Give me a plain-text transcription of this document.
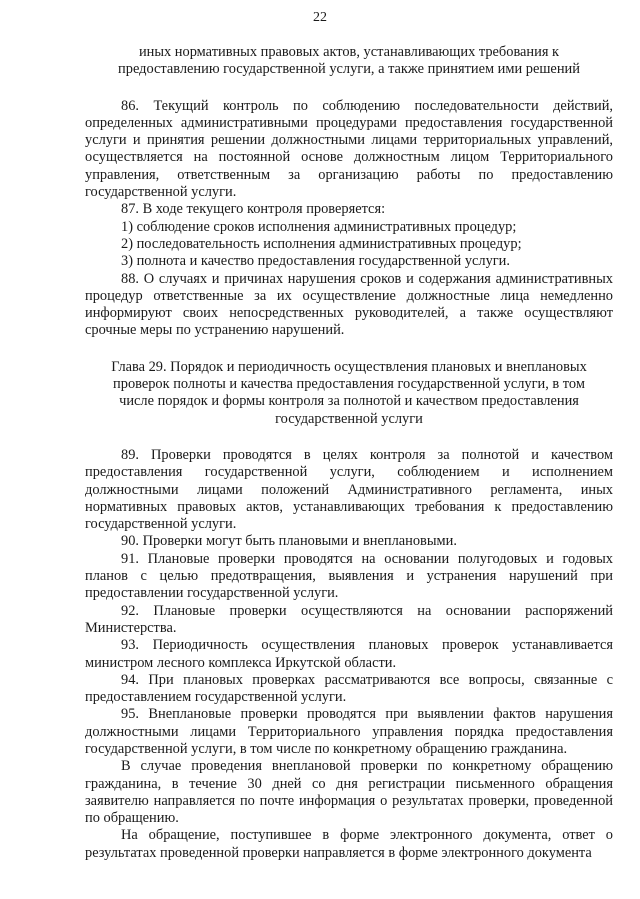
22
иных нормативных правовых актов, устанавливающих требования к
предоставлению государственной услуги, а также принятием ими решений

86. Текущий контроль по соблюдению последовательности действий, определенных административными процедурами предоставления государственной услуги и принятия решении должностными лицами территориальных управлений, осуществляется на постоянной основе должностным лицом Территориального управления, ответственным за организацию работы по предоставлению государственной услуги.

87. В ходе текущего контроля проверяется:

1) соблюдение сроков исполнения административных процедур;

2) последовательность исполнения административных процедур;

3) полнота и качество предоставления государственной услуги.

88. О случаях и причинах нарушения сроков и содержания административных процедур ответственные за их осуществление должностные лица немедленно информируют своих непосредственных руководителей, а также осуществляют срочные меры по устранению нарушений.

Глава 29. Порядок и периодичность осуществления плановых и внеплановых
проверок полноты и качества предоставления государственной услуги, в том
числе порядок и формы контроля за полнотой и качеством предоставления
государственной услуги

89. Проверки проводятся в целях контроля за полнотой и качеством предоставления государственной услуги, соблюдением и исполнением должностными лицами положений Административного регламента, иных нормативных правовых актов, устанавливающих требования к предоставлению государственной услуги.

90. Проверки могут быть плановыми и внеплановыми.

91. Плановые проверки проводятся на основании полугодовых и годовых планов с целью предотвращения, выявления и устранения нарушений при предоставлении государственной услуги.

92. Плановые проверки осуществляются на основании распоряжений Министерства.

93. Периодичность осуществления плановых проверок устанавливается министром лесного комплекса Иркутской области.

94. При плановых проверках рассматриваются все вопросы, связанные с предоставлением государственной услуги.

95. Внеплановые проверки проводятся при выявлении фактов нарушения должностными лицами Территориального управления порядка предоставления государственной услуги, в том числе по конкретному обращению гражданина.

В случае проведения внеплановой проверки по конкретному обращению гражданина, в течение 30 дней со дня регистрации письменного обращения заявителю направляется по почте информация о результатах проверки, проведенной по обращению.

На обращение, поступившее в форме электронного документа, ответ о результатах проведенной проверки направляется в форме электронного документа
